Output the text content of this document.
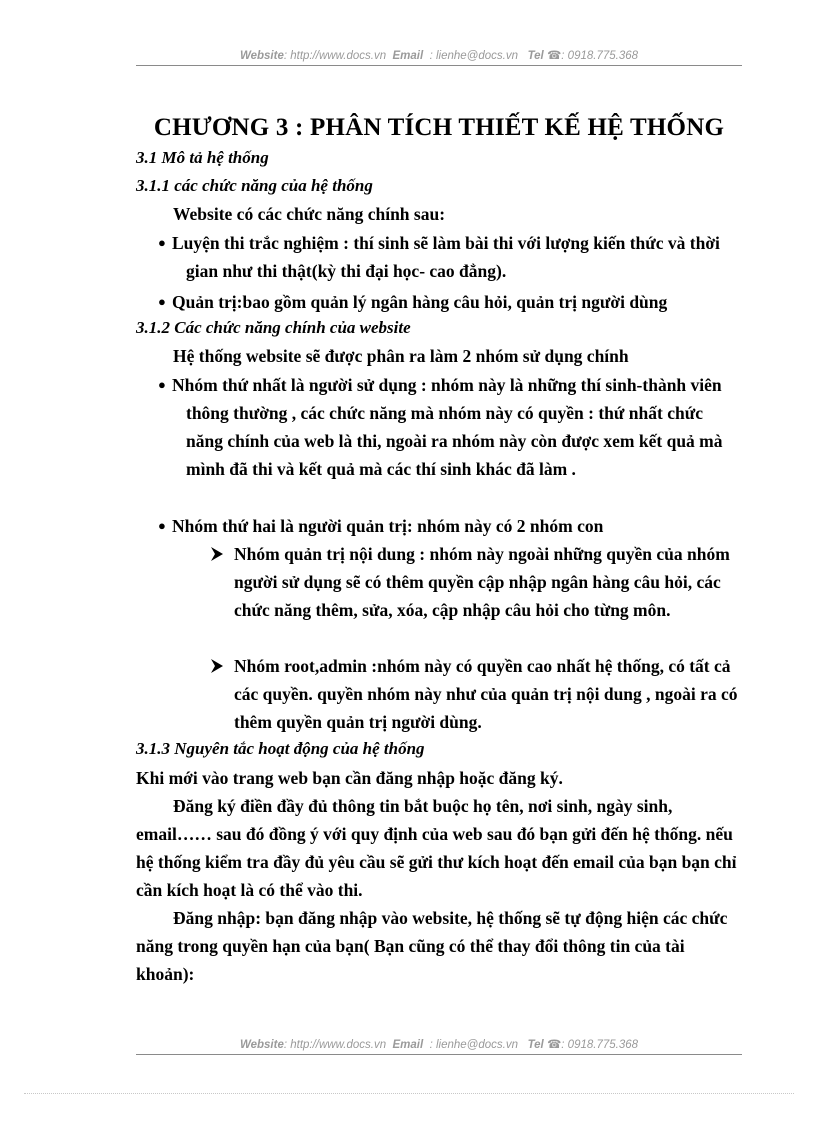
Website: http://www.docs.vn Email : lienhe@docs.vn Tel ☎: 0918.775.368
CHƯƠNG 3 : PHÂN TÍCH THIẾT KẾ HỆ THỐNG
3.1 Mô tả hệ thống
3.1.1 các chức năng của hệ thống
Website có các chức năng chính sau:
● Luyện thi trắc nghiệm : thí sinh sẽ làm bài thi với lượng kiến thức và thời gian như thi thật(kỳ thi đại học- cao đẳng).
● Quản trị:bao gồm quản lý ngân hàng câu hỏi, quản trị người dùng
3.1.2 Các chức năng chính của website
Hệ thống website sẽ được phân ra làm 2 nhóm sử dụng chính
● Nhóm thứ nhất là người sử dụng : nhóm này là những thí sinh-thành viên thông thường , các chức năng mà nhóm này có quyền : thứ nhất chức năng chính của web là thi, ngoài ra nhóm này còn được xem kết quả mà mình đã thi và kết quả mà các thí sinh khác đã làm .
● Nhóm thứ hai là người quản trị: nhóm này có 2 nhóm con
Nhóm quản trị nội dung : nhóm này ngoài những quyền của nhóm người sử dụng sẽ có thêm quyền cập nhập ngân hàng câu hỏi, các chức năng thêm, sửa, xóa, cập nhập câu hỏi cho từng môn.
Nhóm root,admin :nhóm này có quyền cao nhất hệ thống, có tất cả các quyền. quyền nhóm này như của quản trị nội dung , ngoài ra có thêm quyền quản trị người dùng.
3.1.3 Nguyên tắc hoạt động của hệ thống
Khi mới vào trang web bạn cần đăng nhập hoặc đăng ký.
Đăng ký điền đầy đủ thông tin bắt buộc họ tên, nơi sinh, ngày sinh, email…… sau đó đồng ý với quy định của web sau đó bạn gửi đến hệ thống. nếu hệ thống kiểm tra đầy đủ yêu cầu sẽ gửi thư kích hoạt đến email của bạn bạn chỉ cần kích hoạt là có thể vào thi.
Đăng nhập: bạn đăng nhập vào website, hệ thống sẽ tự động hiện các chức năng trong quyền hạn của bạn( Bạn cũng có thể thay đổi thông tin của tài khoản):
Website: http://www.docs.vn Email : lienhe@docs.vn Tel ☎: 0918.775.368
